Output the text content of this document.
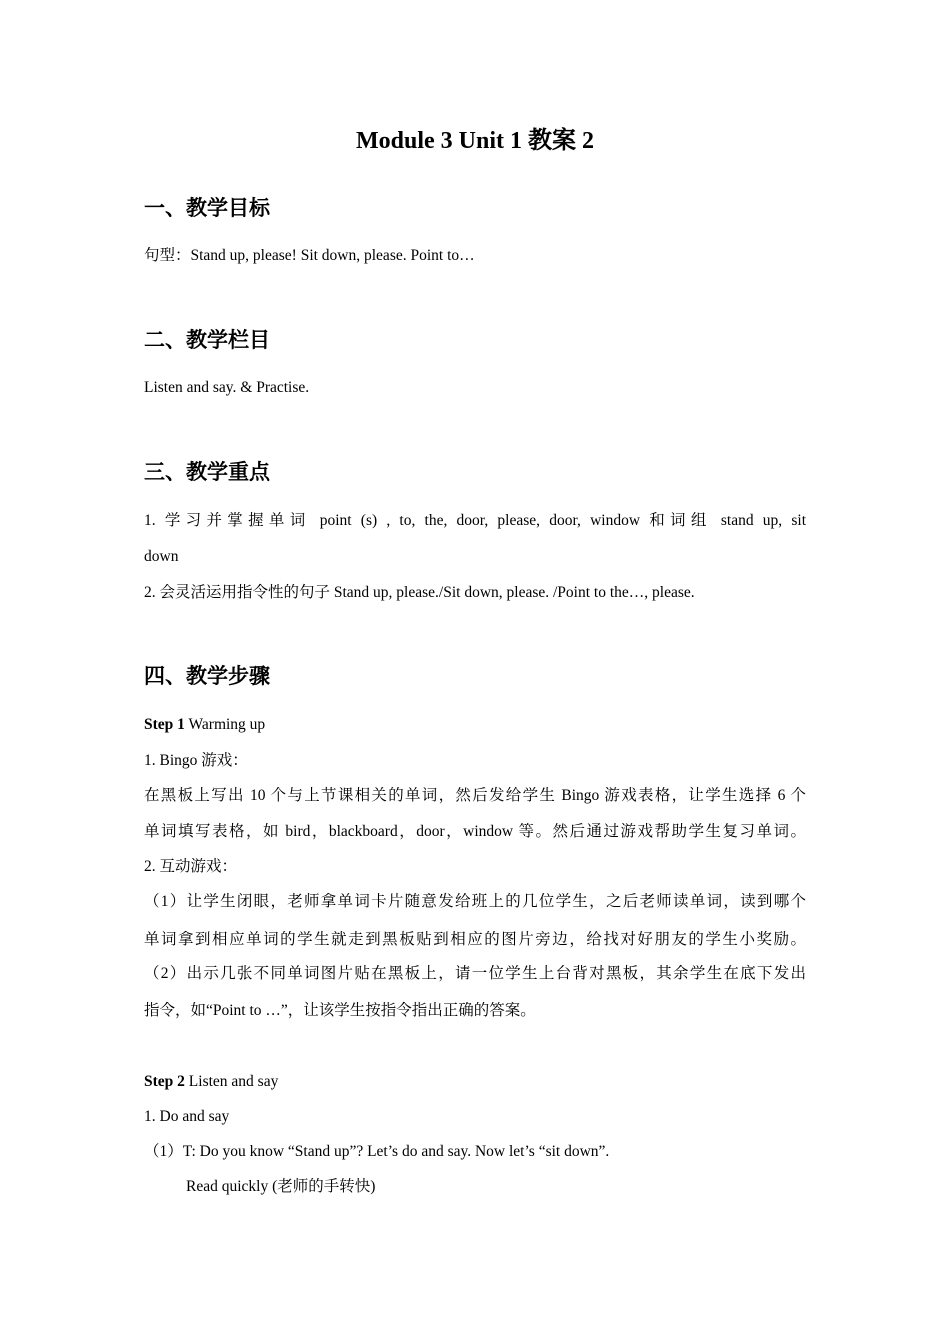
Module 3 Unit 1 教案 2
一、教学目标
句型：Stand up, please! Sit down, please. Point to…
二、教学栏目
Listen and say. & Practise.
三、教学重点
1. 学习并掌握单词 point (s) , to, the, door, please, door, window 和词组 stand up, sit
down
2. 会灵活运用指令性的句子 Stand up, please./Sit down, please. /Point to the…, please.
四、教学步骤
Step 1 Warming up
1. Bingo 游戏：
在黑板上写出 10 个与上节课相关的单词，然后发给学生 Bingo 游戏表格，让学生选择 6 个
单词填写表格，如 bird，blackboard，door，window 等。然后通过游戏帮助学生复习单词。
2. 互动游戏：
（1）让学生闭眼，老师拿单词卡片随意发给班上的几位学生，之后老师读单词，读到哪个
单词拿到相应单词的学生就走到黑板贴到相应的图片旁边，给找对好朋友的学生小奖励。
（2）出示几张不同单词图片贴在黑板上，请一位学生上台背对黑板，其余学生在底下发出
指令，如“Point to …”，让该学生按指令指出正确的答案。
Step 2 Listen and say
1. Do and say
（1）T: Do you know “Stand up”? Let’s do and say. Now let’s “sit down”.
Read quickly (老师的手转快)
